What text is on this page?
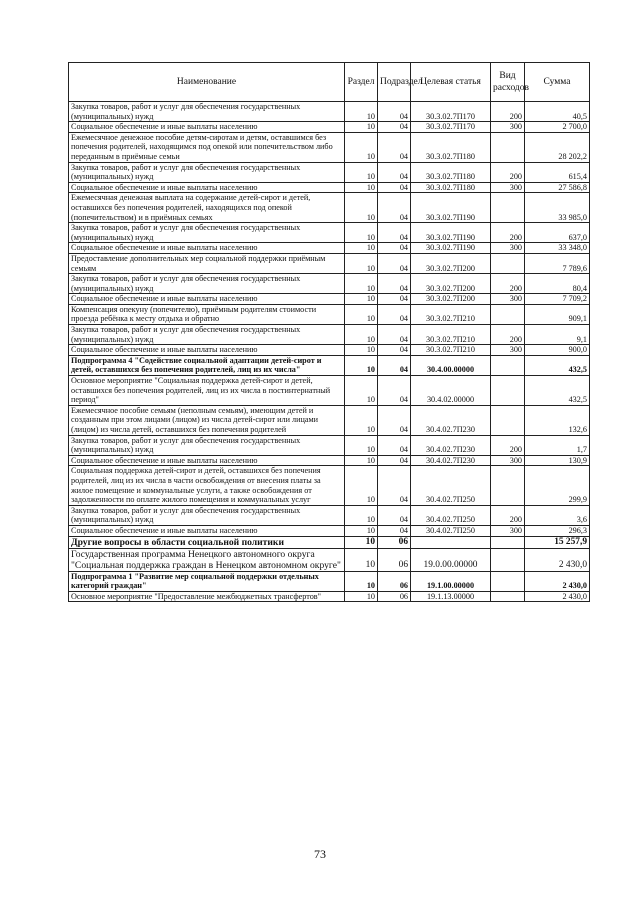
Наименование	Раздел	Подраздел	Целевая статья	Вид расходов	Сумма
Закупка товаров, работ и услуг для обеспечения государственных (муниципальных) нужд	10	04	30.3.02.7П170	200	40,5
Социальное обеспечение и иные выплаты населению	10	04	30.3.02.7П170	300	2 700,0
Ежемесячное денежное пособие детям-сиротам и детям, оставшимся без попечения родителей, находящимся под опекой или попечительством либо переданным в приёмные семьи	10	04	30.3.02.7П180		28 202,2
Закупка товаров, работ и услуг для обеспечения государственных (муниципальных) нужд	10	04	30.3.02.7П180	200	615,4
Социальное обеспечение и иные выплаты населению	10	04	30.3.02.7П180	300	27 586,8
Ежемесячная денежная выплата на содержание детей-сирот и детей, оставшихся без попечения родителей, находящихся под опекой (попечительством) и в приёмных семьях	10	04	30.3.02.7П190		33 985,0
Закупка товаров, работ и услуг для обеспечения государственных (муниципальных) нужд	10	04	30.3.02.7П190	200	637,0
Социальное обеспечение и иные выплаты населению	10	04	30.3.02.7П190	300	33 348,0
Предоставление дополнительных мер социальной поддержки приёмным семьям	10	04	30.3.02.7П200		7 789,6
Закупка товаров, работ и услуг для обеспечения государственных (муниципальных) нужд	10	04	30.3.02.7П200	200	80,4
Социальное обеспечение и иные выплаты населению	10	04	30.3.02.7П200	300	7 709,2
Компенсация опекуну (попечителю), приёмным родителям стоимости проезда ребёнка к месту отдыха и обратно	10	04	30.3.02.7П210		909,1
Закупка товаров, работ и услуг для обеспечения государственных (муниципальных) нужд	10	04	30.3.02.7П210	200	9,1
Социальное обеспечение и иные выплаты населению	10	04	30.3.02.7П210	300	900,0
Подпрограмма 4 "Содействие социальной адаптации детей-сирот и детей, оставшихся без попечения родителей, лиц из их числа"	10	04	30.4.00.00000		432,5
Основное мероприятие "Социальная поддержка детей-сирот и детей, оставшихся без попечения родителей, лиц из их числа в постинтернатный период"	10	04	30.4.02.00000		432,5
Ежемесячное пособие семьям (неполным семьям), имеющим детей и созданным при этом лицами (лицом) из числа детей-сирот или лицами (лицом) из числа детей, оставшихся без попечения родителей	10	04	30.4.02.7П230		132,6
Закупка товаров, работ и услуг для обеспечения государственных (муниципальных) нужд	10	04	30.4.02.7П230	200	1,7
Социальное обеспечение и иные выплаты населению	10	04	30.4.02.7П230	300	130,9
Социальная поддержка детей-сирот и детей, оставшихся без попечения родителей, лиц из их числа в части освобождения от внесения платы за жилое помещение и коммунальные услуги, а также освобождения от задолженности по оплате жилого помещения и коммунальных услуг	10	04	30.4.02.7П250		299,9
Закупка товаров, работ и услуг для обеспечения государственных (муниципальных) нужд	10	04	30.4.02.7П250	200	3,6
Социальное обеспечение и иные выплаты населению	10	04	30.4.02.7П250	300	296,3
Другие вопросы в области социальной политики	10	06			15 257,9
Государственная программа Ненецкого автономного округа "Социальная поддержка граждан в Ненецком автономном округе"	10	06	19.0.00.00000		2 430,0
Подпрограмма 1 "Развитие мер социальной поддержки отдельных категорий граждан"	10	06	19.1.00.00000		2 430,0
Основное мероприятие "Предоставление межбюджетных трансфертов"	10	06	19.1.13.00000		2 430,0
73
